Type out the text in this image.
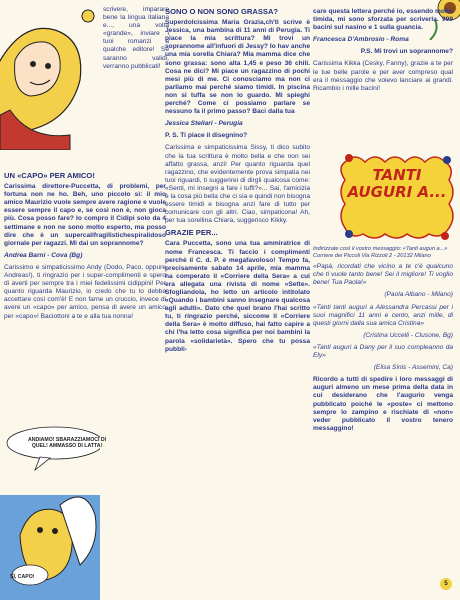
scrivere, imparare bene la lingua italiana e..., una volta «grande», inviare i tuoi romanzi a qualche editore! Se saranno validi, verranno pubblicati!

UN «CAPO» PER AMICO!

Carissima direttore-Puccetta, di problemi, per fortuna non ne ho. Beh, uno piccolo sì: il mio amico Maurizio vuole sempre avere ragione e vuole essere sempre il capo e, se così non è, non gioca più. Cosa posso fare? Io compro il Cidipi solo da 4 settimane e non ne sono molto esperto, ma posso dire che è un supercalifragilistichespiralidoso giornale per ragazzi. Mi dai un soprannome?

Andrea Barni - Cova (Bg)

Carissimo e simpaticissimo Andy (Dodo, Paco, oppure Andreas!), ti ringrazio per i super-complimenti e spero di averti per sempre tra i miei fedelissimi cidippini! Per quanto riguarda Maurizio, io credo che tu lo debba accettare così com'è! E non farne un cruccio, invece di avere un «capo» per amico, pensa di avere un amico per «capo»! Baciottoni a te e alla tua nonna!

ANDIAMO! SBARAZZIAMOCI DI QUEL! AMMASSO DI LATTA!
SÌ, CAPO!
SONO O NON SONO GRASSA?

Superdolcissima Maria Grazia,ch'ti scrive è Jessica, una bambina di 11 anni di Perugia. Ti piace la mia scrittura? Mi trovi un soprannome all'infuori di Jessy? Io hav anche una mia sorella Chiara? Mia mamma dice che sono grassa: sono alta 1,45 e peso 36 chili. Cosa ne dici? Mi piace un ragazzino di pochi mesi più di me. Ci conosciamo ma non ci parliamo mai perché siamo timidi. In piscina non si tuffa se non lo guardo. Mi spieghi perché? Come ci possiamo parlare se nessuno fa il primo passo? Baci dalla tua

Jessica Stellari - Perugia

P. S. Ti piace il disegnino?

Carissima e simpaticissima Sissy, ti dico subito che la tua scrittura è molto bella e che non sei affatto grassa, anzi! Per quanto riguarda quel ragazzino, che evidentemente prova simpatia nei tuoi riguardi, ti suggerirei di dirgli qualcosa come: «Senti, mi insegni a fare i tuffi?»... Sai, l'amicizia è la cosa più bella che ci sia e quindi non bisogna essere timidi e bisogna anzi fare di tutto per comunicare con gli altri. Ciao, simpaticona! Ah, per tua sorellina Chiara, suggerisco Kikky.

GRAZIE PER...

Cara Puccetta, sono una tua ammiratrice di nome Francesca. Ti faccio i complimenti perché il C. d. P. è megafavoloso! Tempo fa, precisamente sabato 14 aprile, mia mamma ha comperato il «Corriere della Sera» a cui era allegata una rivista di nome «Sette». Sfogliandola, ho letto un articolo intitolato «Quando i bambini sanno insegnare qualcosa agli adulti». Dato che quel brano l'hai scritto tu, ti ringrazio perché, siccome il «Corriere della Sera» è molto diffuso, hai fatto capire a chi l'ha letto cosa significa per noi bambini la parola «solidarietà». Spero che tu possa pubbli-

care questa lettera perché io, essendo molto timida, mi sono sforzata per scriverla. 999 bacini sul nasino e 1 sulla guancia.

Francesca D'Ambrosio - Roma

P.S. Mi trovi un soprannome?

Carissima Kikka (Cesky, Fanny), grazie a te per le tue belle parole e per aver compreso qual era il messaggio che volevo lanciare ai grandi. Ricambio i mille bacini!

TANTI AUGURI A...

Indirizzate così il vostro messaggio: «Tanti auguri a...» Corriere dei Piccoli Via Rizzoli 2 - 20132 Milano

«Papà, ricordati che vicino a te c'è qualcuno che ti vuole tanto bene! Sei il migliore! Ti voglio bene! Tua Paola!»

(Paola Albano - Milano)

«Tanti tanti auguri a Alessandra Percassi per i suoi magnifici 11 anni e cento, anzi mille, di questi giorni dalla sua amica Cristina»

(Cristina Uccelli - Clusone, Bg)

«Tanti auguri a Dany per il suo compleanno da Ely»

(Elisa Sinis - Assemini, Ca)

Ricordo a tutti di spedire i loro messaggi di auguri almeno un mese prima della data in cui desiderano che l'augurio venga pubblicato poiché le «poste» ci mettono sempre lo zampino e rischiate di «non» veder pubblicato il vostro tenero messaggino!

5
